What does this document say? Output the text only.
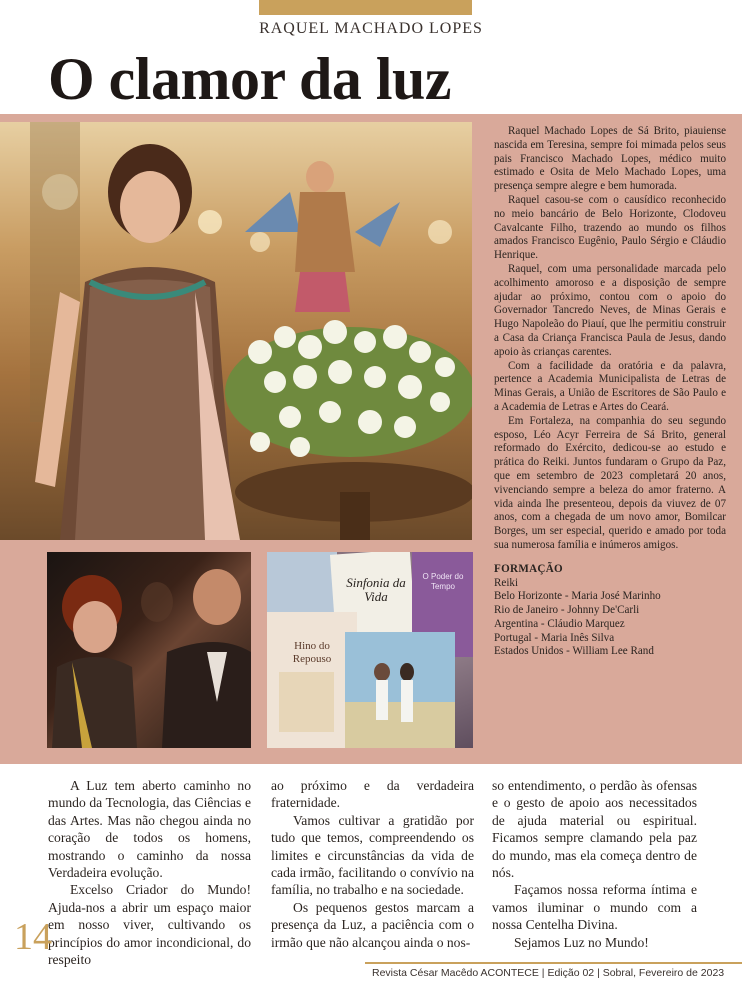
RAQUEL MACHADO LOPES
O clamor da luz
Sinfonia da Vida
Hino do Repouso
O Poder do Tempo

Raquel Machado Lopes de Sá Brito, piauiense nascida em Teresina, sempre foi mimada pelos seus pais Francisco Machado Lopes, médico muito estimado e Osita de Melo Machado Lopes, uma presença sempre alegre e bem humorada.

Raquel casou-se com o causídico reconhecido no meio bancário de Belo Horizonte, Clodoveu Cavalcante Filho, trazendo ao mundo os filhos amados Francisco Eugênio, Paulo Sérgio e Cláudio Henrique.

Raquel, com uma personalidade marcada pelo acolhimento amoroso e a disposição de sempre ajudar ao próximo, contou com o apoio do Governador Tancredo Neves, de Minas Gerais e Hugo Napoleão do Piauí, que lhe permitiu construir a Casa da Criança Francisca Paula de Jesus, dando apoio às crianças carentes.

Com a facilidade da oratória e da palavra, pertence a Academia Municipalista de Letras de Minas Gerais, a União de Escritores de São Paulo e a Academia de Letras e Artes do Ceará.

Em Fortaleza, na companhia do seu segundo esposo, Léo Acyr Ferreira de Sá Brito, general reformado do Exército, dedicou-se ao estudo e prática do Reiki. Juntos fundaram o Grupo da Paz, que em setembro de 2023 completará 20 anos, vivenciando sempre a beleza do amor fraterno. A vida ainda lhe presenteou, depois da viuvez de 07 anos, com a chegada de um novo amor, Bomilcar Borges, um ser especial, querido e amado por toda sua numerosa família e inúmeros amigos.

FORMAÇÃO

Reiki

Belo Horizonte - Maria José Marinho

Rio de Janeiro - Johnny De'Carli

Argentina - Cláudio Marquez

Portugal - Maria Inês Silva

Estados Unidos - William Lee Rand

A Luz tem aberto caminho no mundo da Tecnologia, das Ciências e das Artes. Mas não chegou ainda no coração de todos os homens, mostrando o caminho da nossa Verdadeira evolução.

Excelso Criador do Mundo! Ajuda-nos a abrir um espaço maior em nosso viver, cultivando os princípios do amor incondicional, do respeito

ao próximo e da verdadeira fraternidade.

Vamos cultivar a gratidão por tudo que temos, compreendendo os limites e circunstâncias da vida de cada irmão, facilitando o convívio na família, no trabalho e na sociedade.

Os pequenos gestos marcam a presença da Luz, a paciência com o irmão que não alcançou ainda o nos-

so entendimento, o perdão às ofensas e o gesto de apoio aos necessitados de ajuda material ou espiritual. Ficamos sempre clamando pela paz do mundo, mas ela começa dentro de nós.

Façamos nossa reforma íntima e vamos iluminar o mundo com a nossa Centelha Divina.

Sejamos Luz no Mundo!

14
Revista César Macêdo ACONTECE | Edição 02 | Sobral, Fevereiro de 2023
